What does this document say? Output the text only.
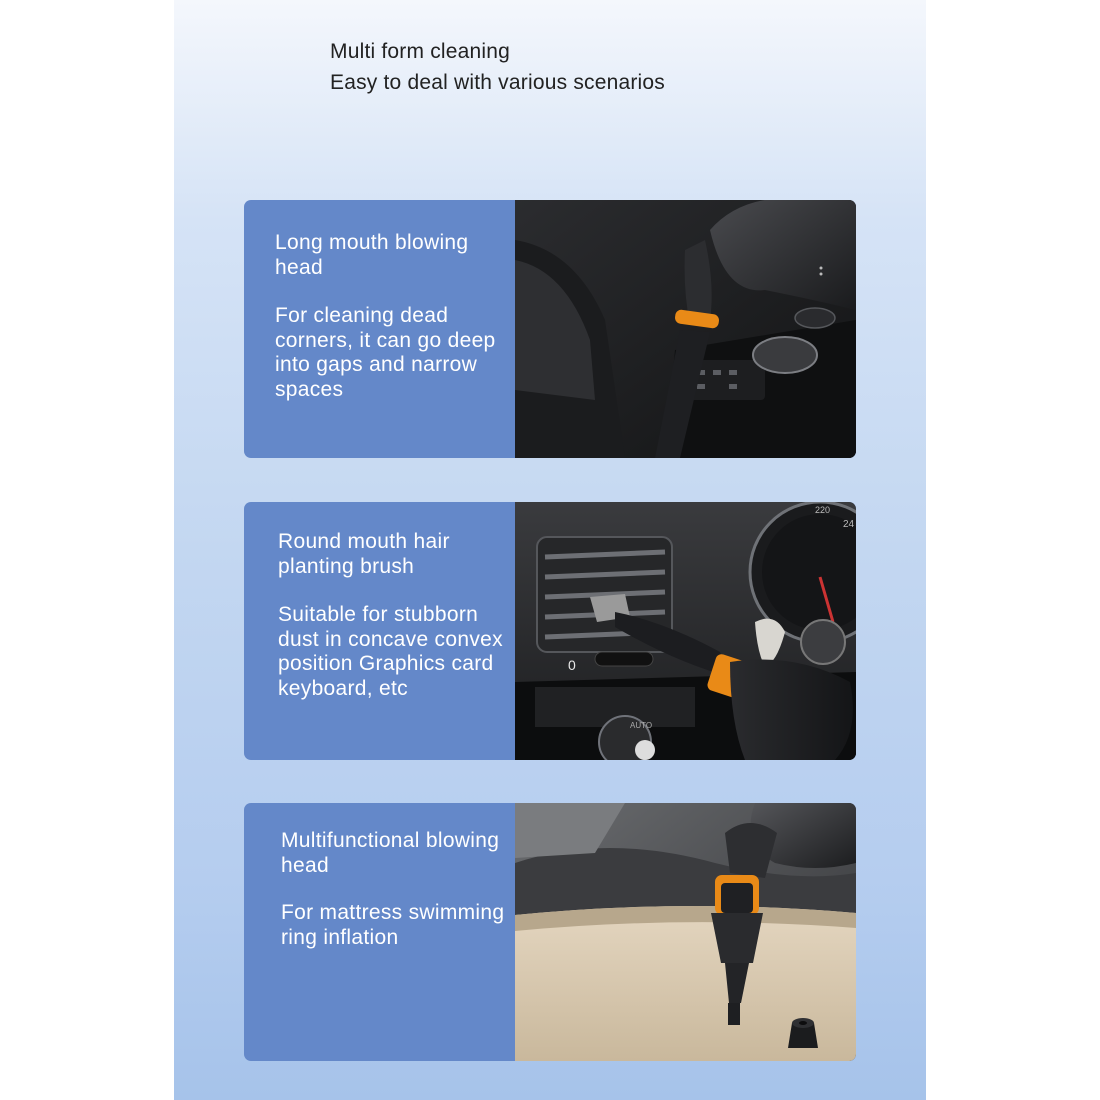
Multi form cleaning
Easy to deal with various scenarios
Long mouth blowing head
For cleaning dead corners, it can go deep into gaps and narrow spaces
Round mouth hair planting brush
Suitable for stubborn dust in concave convex position Graphics card keyboard, etc
AUTO
0
220
24
Multifunctional blowing head
For mattress swimming ring inflation
